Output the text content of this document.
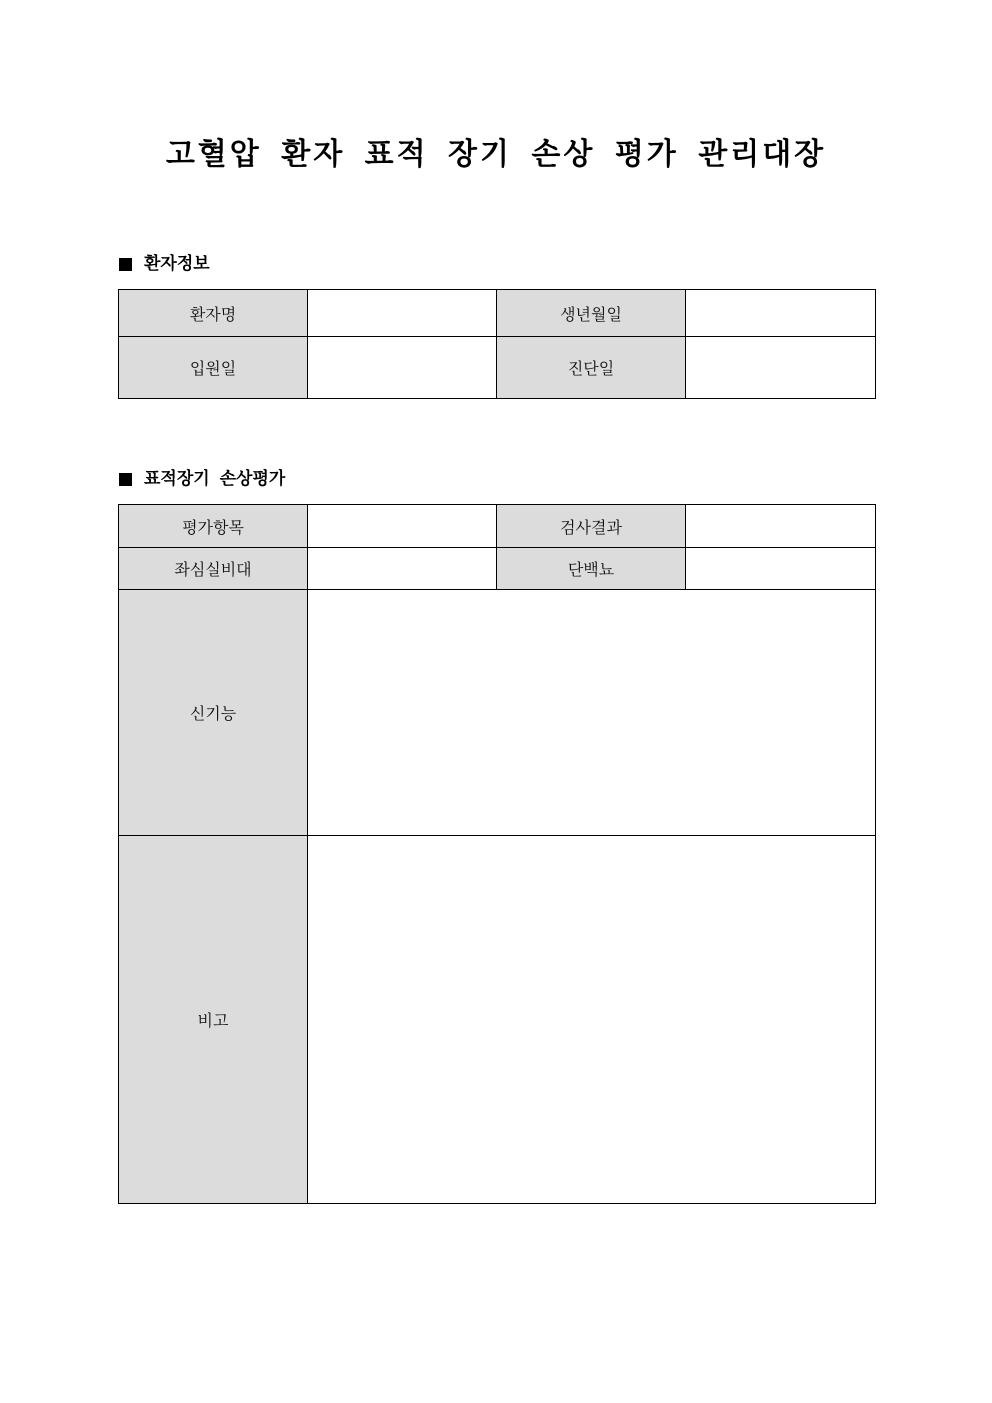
고혈압 환자 표적 장기 손상 평가 관리대장
환자정보
환자명		생년월일	
입원일		진단일	
표적장기 손상평가
평가항목		검사결과	
좌심실비대		단백뇨	
신기능			
비고			
